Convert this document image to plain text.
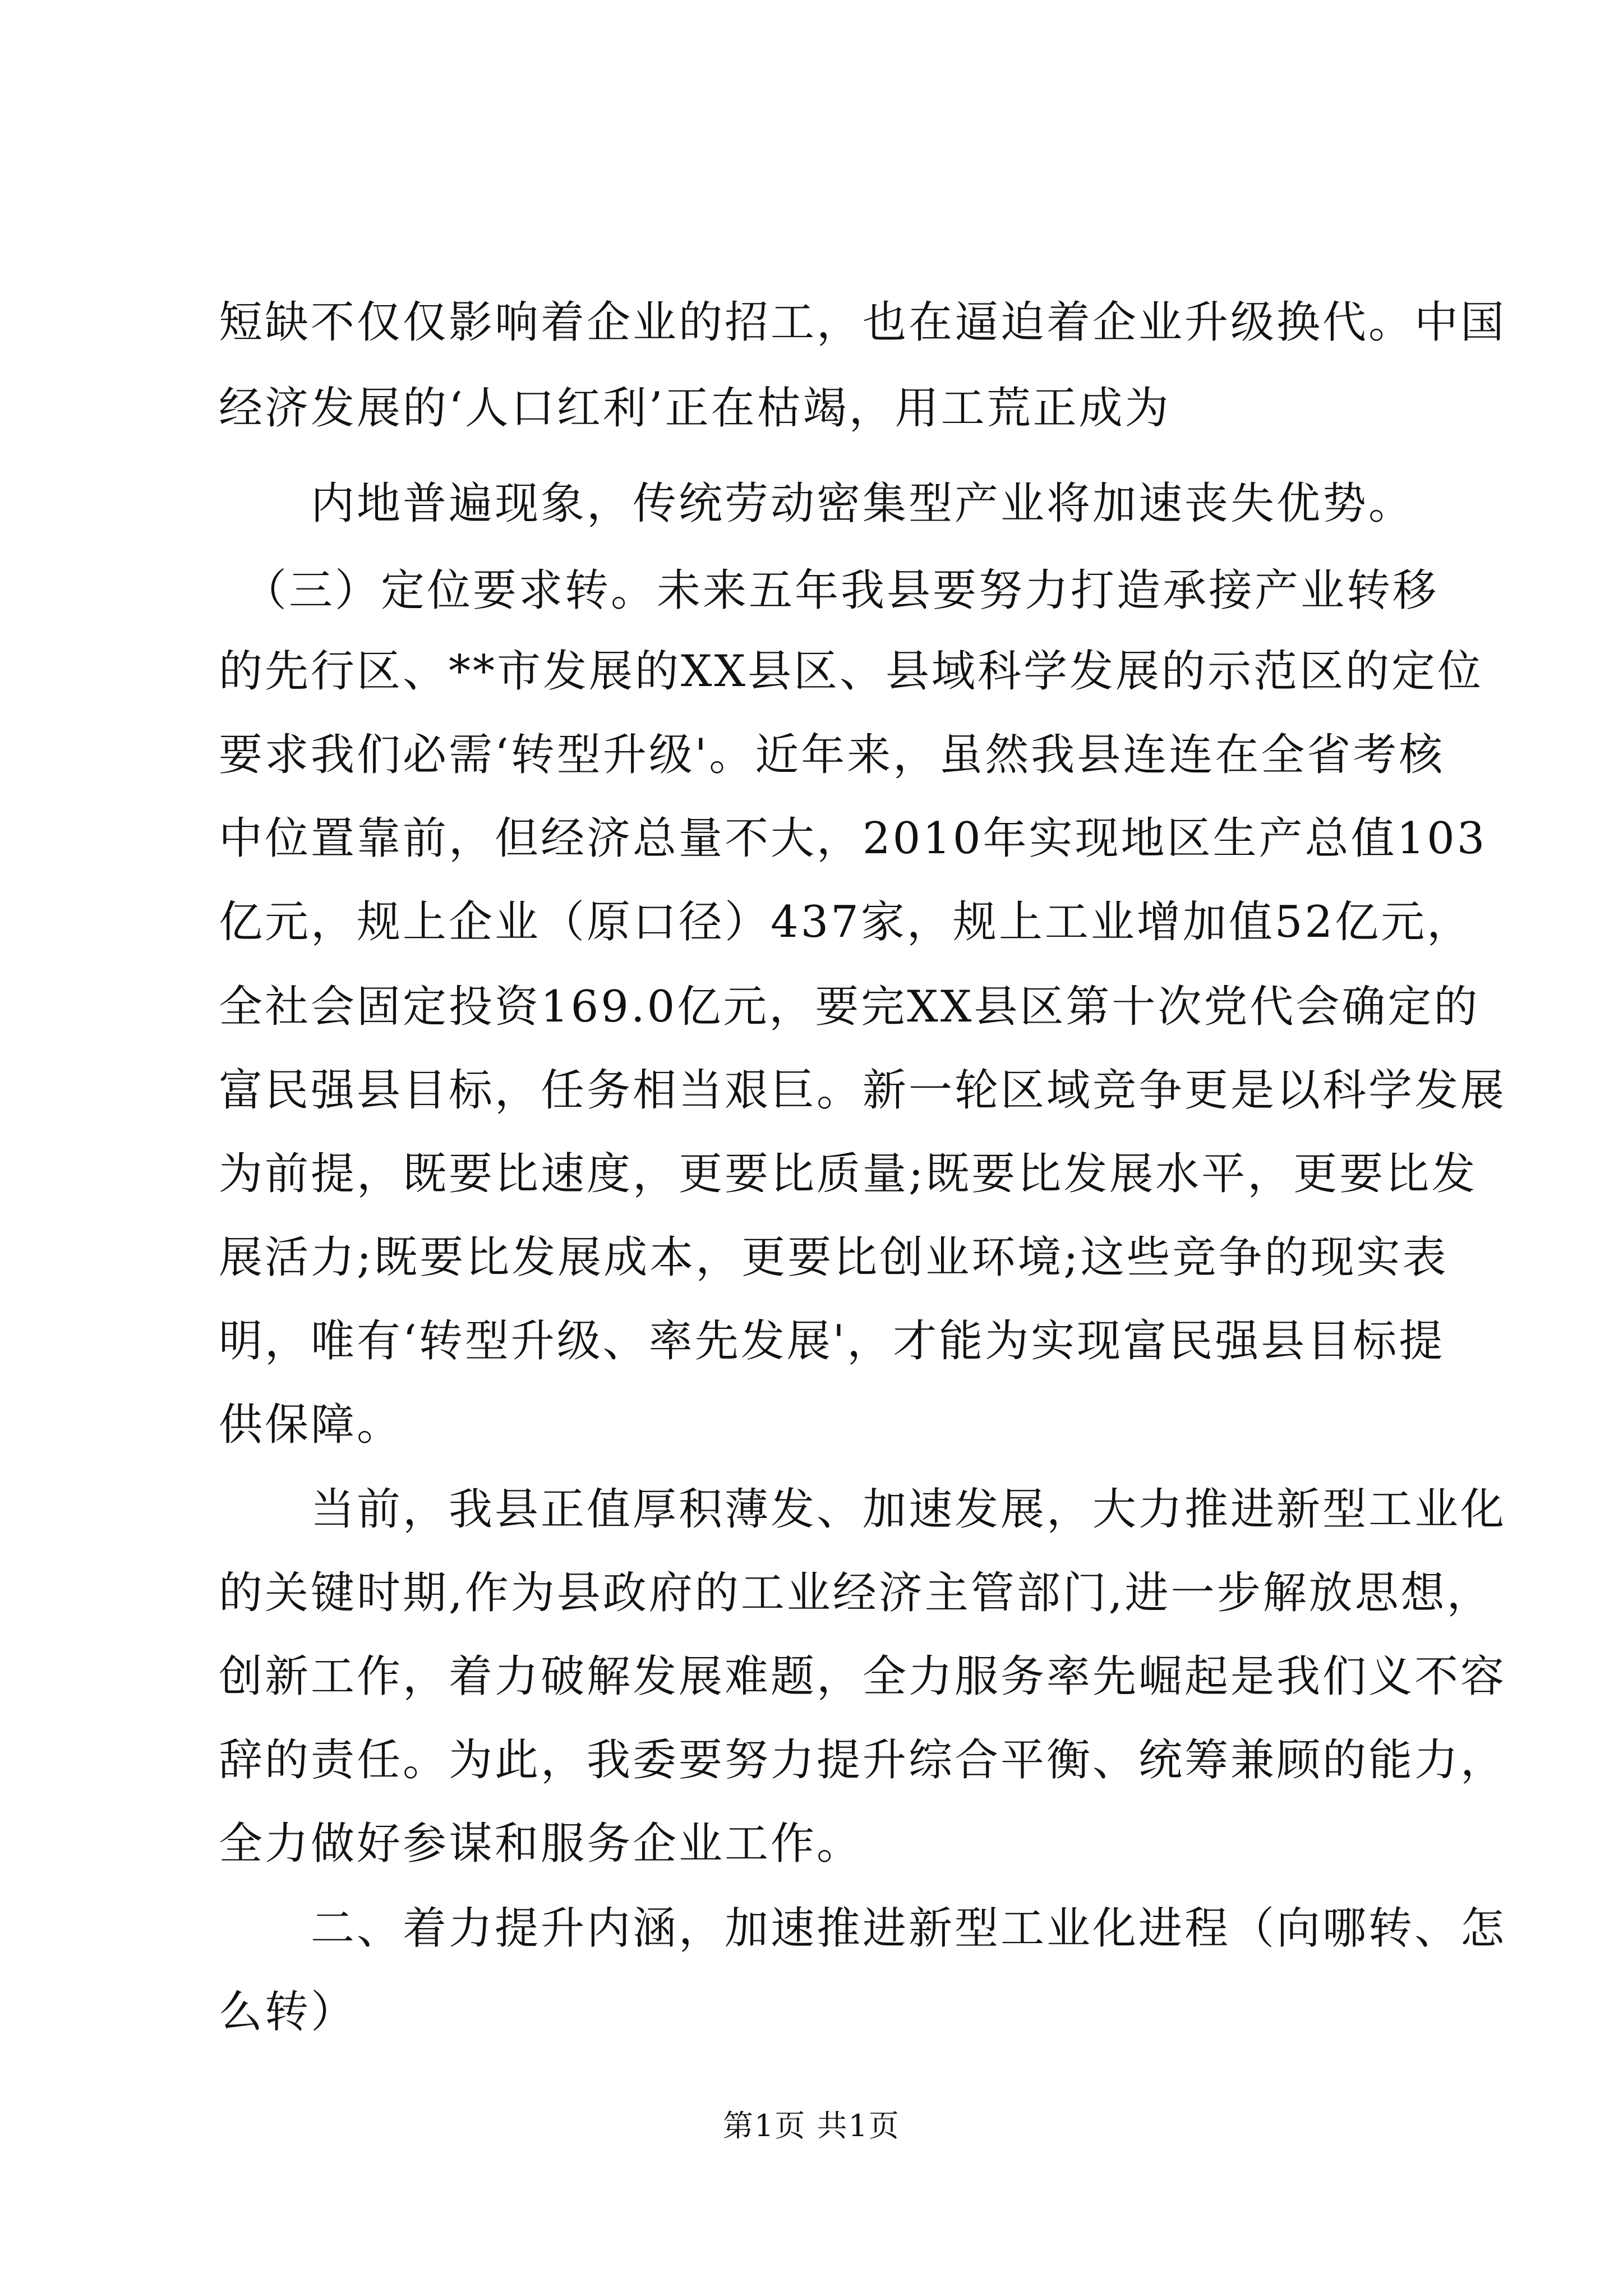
短缺不仅仅影响着企业的招工，也在逼迫着企业升级换代。中国
经济发展的‘人口红利’正在枯竭，用工荒正成为
　　内地普遍现象，传统劳动密集型产业将加速丧失优势。
　（三）定位要求转。未来五年我县要努力打造承接产业转移
的先行区、**市发展的XX县区、县域科学发展的示范区的定位
要求我们必需‘转型升级'。近年来，虽然我县连连在全省考核
中位置靠前，但经济总量不大，2010年实现地区生产总值103
亿元，规上企业（原口径）437家，规上工业增加值52亿元，
全社会固定投资169.0亿元，要完XX县区第十次党代会确定的
富民强县目标，任务相当艰巨。新一轮区域竞争更是以科学发展
为前提，既要比速度，更要比质量;既要比发展水平，更要比发
展活力;既要比发展成本，更要比创业环境;这些竞争的现实表
明，唯有‘转型升级、率先发展'，才能为实现富民强县目标提
供保障。
　　当前，我县正值厚积薄发、加速发展，大力推进新型工业化
的关键时期,作为县政府的工业经济主管部门,进一步解放思想，
创新工作，着力破解发展难题，全力服务率先崛起是我们义不容
辞的责任。为此，我委要努力提升综合平衡、统筹兼顾的能力，
全力做好参谋和服务企业工作。
　　二、着力提升内涵，加速推进新型工业化进程（向哪转、怎
么转）
第1页 共1页
